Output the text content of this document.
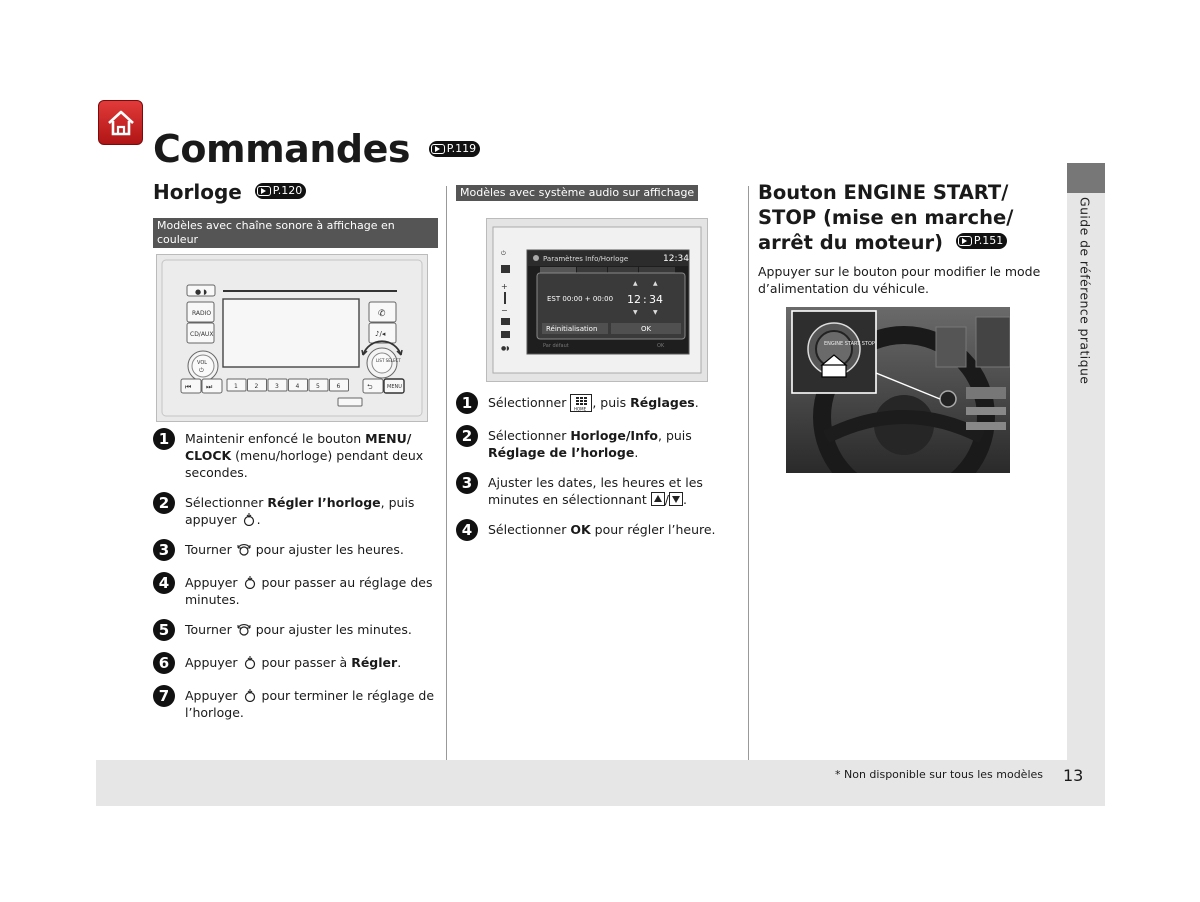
Commandes	P.119
Horloge	P.120
Modèles avec chaîne sonore à affichage en couleur
● ◗
RADIO
CD/AUX
✆
♪/◂
VOL
⏻
⏮ ⏭	1	2	3	4	5	6
LIST SELECT
⮌	MENU
1	Maintenir enfoncé le bouton MENU/ CLOCK (menu/horloge) pendant deux secondes.
2	Sélectionner Régler l’horloge, puis appuyer .
3	Tourner  pour ajuster les heures.
4	Appuyer  pour passer au réglage des minutes.
5	Tourner  pour ajuster les minutes.
6	Appuyer  pour passer à Régler.
7	Appuyer  pour terminer le réglage de l’horloge.
Modèles avec système audio sur affichage
⏻
+
−
●◗
Paramètres Info/Horloge	12:34
EST 00:00 + 00:00
▲	▲
12 : 34
▼	▼
Réinitialisation	OK
Par défaut	OK
1	Sélectionner HOME , puis Réglages.
2	Sélectionner Horloge/Info, puis Réglage de l’horloge.
3	Ajuster les dates, les heures et les minutes en sélectionnant / .
4	Sélectionner OK pour régler l’heure.
Bouton ENGINE START/ STOP (mise en marche/ arrêt du moteur)	P.151

Appuyer sur le bouton pour modifier le mode d’alimentation du véhicule.

ENGINE START STOP	Guide de référence pratique
* Non disponible sur tous les modèles 13
